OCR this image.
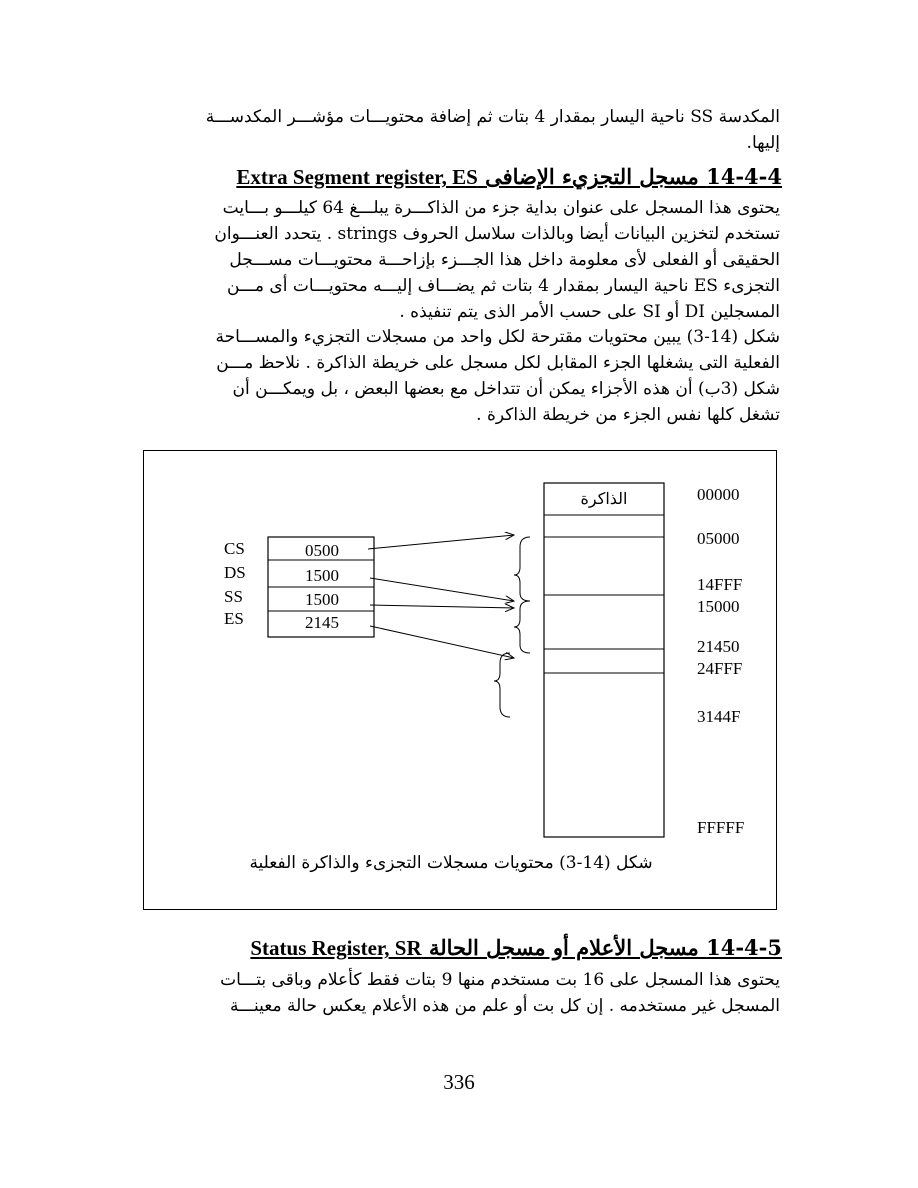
المكدسة SS ناحية اليسار بمقدار 4 بتات ثم إضافة محتويـــات مؤشـــر المكدســـة
إليها.
14-4-4 مسجل التجزيء الإضافى Extra Segment register, ES
يحتوى هذا المسجل على عنوان بداية جزء من الذاكـــرة يبلـــغ 64 كيلـــو بـــايت
تستخدم لتخزين البيانات أيضا وبالذات سلاسل الحروف strings . يتحدد العنـــوان
الحقيقى أو الفعلى لأى معلومة داخل هذا الجـــزء بإزاحـــة محتويـــات مســـجل
التجزىء ES ناحية اليسار بمقدار 4 بتات ثم يضـــاف إليـــه محتويـــات أى مـــن
المسجلين DI أو SI على حسب الأمر الذى يتم تنفيذه .
شكل (14-3) يبين محتويات مقترحة لكل واحد من مسجلات التجزيء والمســـاحة
الفعلية التى يشغلها الجزء المقابل لكل مسجل على خريطة الذاكرة . نلاحظ مـــن
شكل (3ب) أن هذه الأجزاء يمكن أن تتداخل مع بعضها البعض ، بل ويمكـــن أن
تشغل كلها نفس الجزء من خريطة الذاكرة .
الذاكرة
CS
DS
SS
ES
0500
1500
1500
2145
00000
05000
14FFF
15000
21450
24FFF
3144F
FFFFF
شكل (14-3) محتويات مسجلات التجزىء والذاكرة الفعلية
14-4-5 مسجل الأعلام أو مسجل الحالة Status Register, SR
يحتوى هذا المسجل على 16 بت مستخدم منها 9 بتات فقط كأعلام وباقى بتـــات
المسجل غير مستخدمه . إن كل بت أو علم من هذه الأعلام يعكس حالة معينـــة
336
